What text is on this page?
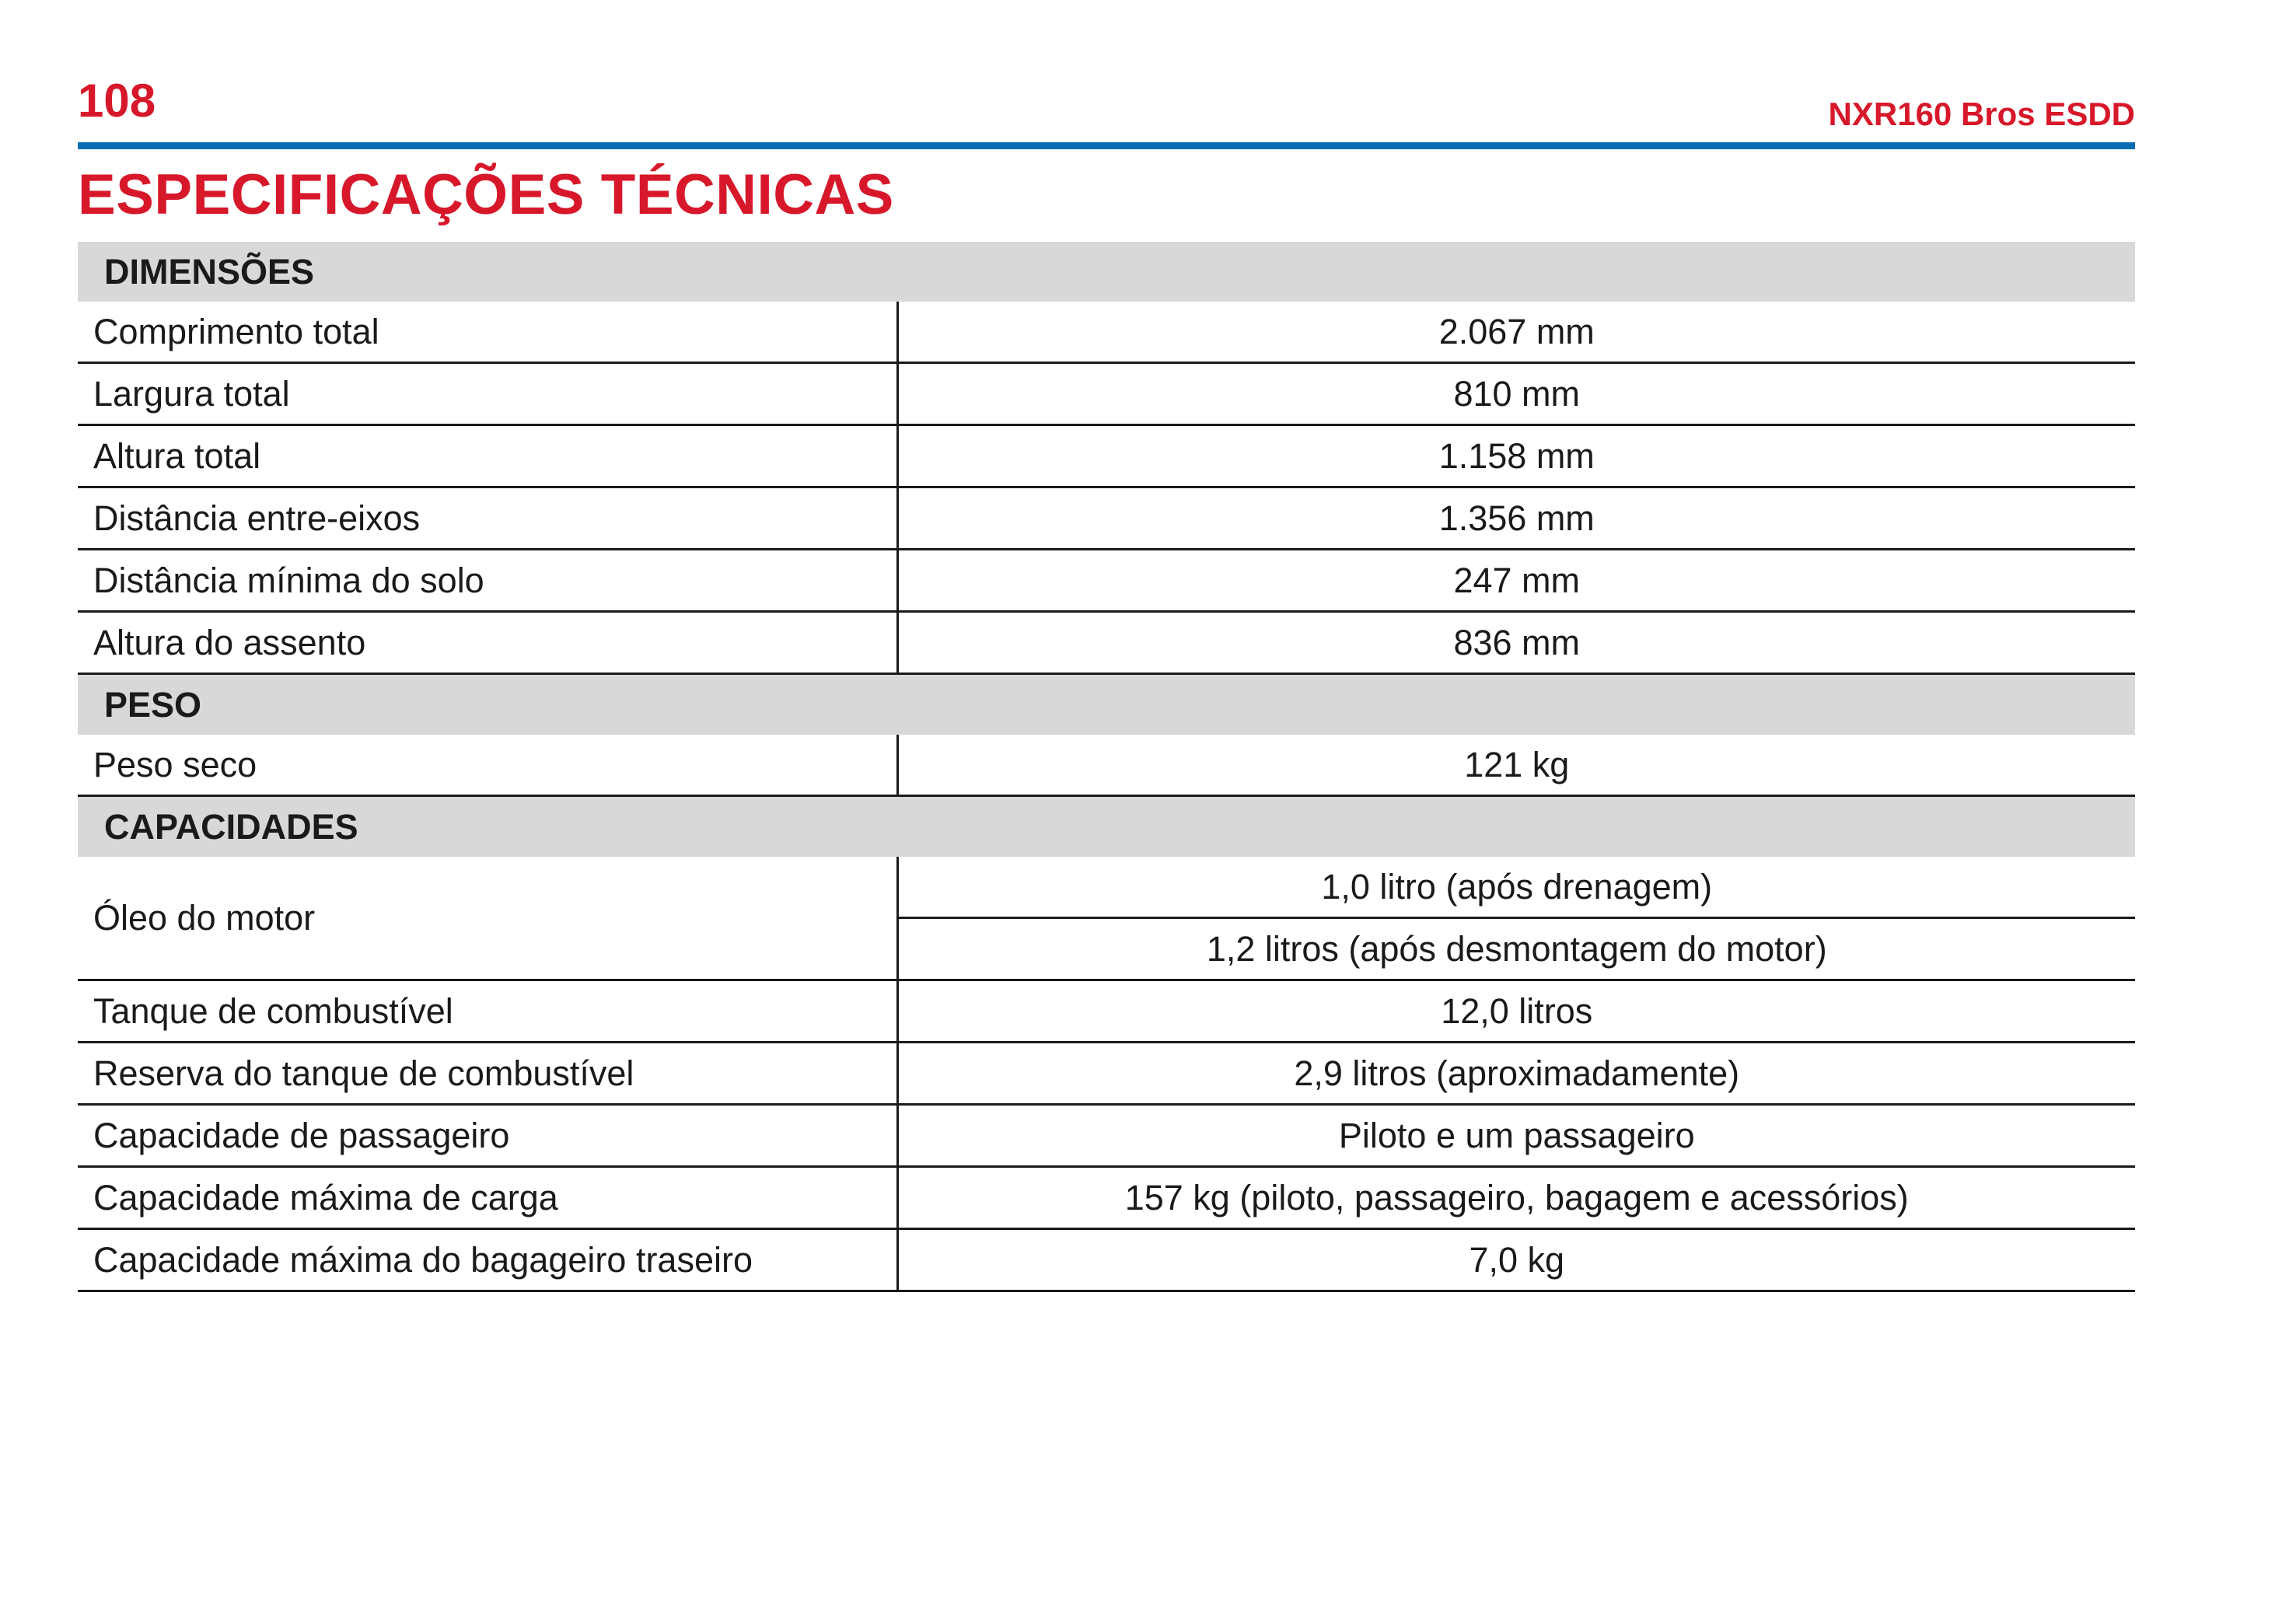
108	NXR160 Bros ESDD
ESPECIFICAÇÕES TÉCNICAS
DIMENSÕES	
Comprimento total	2.067 mm
Largura total	810 mm
Altura total	1.158 mm
Distância entre-eixos	1.356 mm
Distância mínima do solo	247 mm
Altura do assento	836 mm
PESO	
Peso seco	121 kg
CAPACIDADES	
Óleo do motor	1,0 litro (após drenagem)
	1,2 litros (após desmontagem do motor)
Tanque de combustível	12,0 litros
Reserva do tanque de combustível	2,9 litros (aproximadamente)
Capacidade de passageiro	Piloto e um passageiro
Capacidade máxima de carga	157 kg (piloto, passageiro, bagagem e acessórios)
Capacidade máxima do bagageiro traseiro	7,0 kg
